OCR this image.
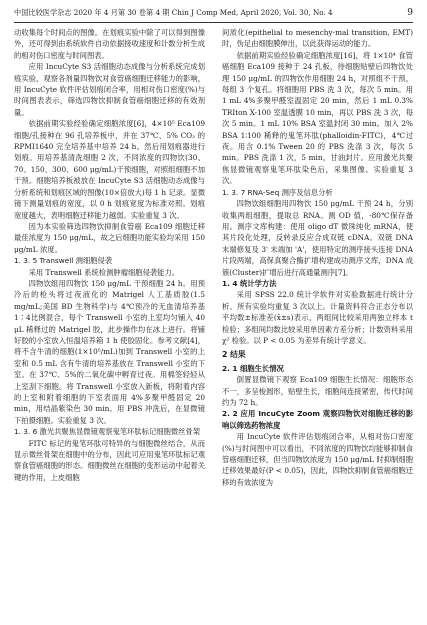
中国比较医学杂志 2020 年 4 月第 30 卷第 4 期 Chin J Comp Med, April 2020, Vol. 30, No. 4	9

动收集每个时间点的图像。在划痕实验中除了可以得到图像外，还可得到由系统软件自动依据接收速度和计数分析生成的相对伤口密度与时间图表。

应用 IncuCyte S3 活细胞动态成像与分析系统完成划痕实验，观察各剂量四物饮对食管癌细胞迁移能力的影响，用 IncuCyte 软件评估划痕闭合率，用相对伤口密度(%)与时间图表表示，筛选四物饮抑制食管癌细胞迁移的有效剂量。

依据前期实验经验确定细胞浓度[6]，4×10⁵ Eca109 细胞/孔接种在 96 孔培养板中，并在 37℃、5% CO₂ 的 RPMI1640 完全培养基中培养 24 h。然后用划痕器进行划痕。用培养基清洗细胞 2 次，不同浓度的四物饮(30、70、150、300、600 μg/mL)干预细胞，对照组细胞不加干预。细胞培养板被放在 IncuCyte S3 活细胞动态成像与分析系统和划痕区域的图像(10×倍放大)每 1 h 记录。显微镜下测量划痕的宽度，以 0 h 划痕宽度为标准对照。划痕宽度越大，表明细胞迁移能力越弱。实验重复 3 次。

因为本实验筛选四物饮抑制食管癌 Eca109 细胞迁移最佳浓度为 150 μg/mL，故之后细胞功能实验均采用 150 μg/mL 浓度。

1. 3. 5 Transwell 测细胞侵袭

采用 Transwell 系统检测肿瘤细胞侵袭能力。

四物饮组用四物饮 150 μg/mL 干预细胞 24 h。用预冷后的枪头将过夜液化的 Matrigel 人工基质胶(1.5 mg/mL;美国 BD 生物科学)与 4℃预冷的无血清培养基 1∶4比例混合，每个 Transwell 小室的上室均匀铺入 40 μL 稀释过的 Matrigel 胶，此步操作均在冰上进行。将铺好胶的小室放入恒温培养箱 1 h 使胶固化。参考文献[4]，将不含牛清的细胞(1×10⁵/mL)加到 Transwell 小室的上室和 0.5 mL 含有牛清的培养基放在 Transwell 小室的下室。在 37℃、5%的二氧化碳中孵育过夜。用棉签轻轻从上室刮下细胞。将 Transwell 小室放入新板，将附着内容的上室和附着细胞的下室表面用 4%多聚甲醛固定 20 min，用结晶紫染色 30 min。用 PBS 冲洗后，在显微镜下拍摄细胞。实验重复 3 次。

1. 3. 6 激光共聚焦显微镜观察鬼笔环肽标记细胞微丝骨架

FITC 标记的鬼笔环肽可特异的与细胞微丝结合，从而显示微丝骨架在细胞中的分布，因此可应用鬼笔环肽标记观察食管癌细胞的形态。细胞微丝在细胞的变形运动中起着关键的作用，上皮细胞

间质化(epithelial to mesenchy-mal transition, EMT)时，伪足由细胞膜伸出，以此获得运动的能力。

依据前期实验经验确定细胞浓度[16]，将 1×10⁴ 食管癌细胞 Eca109 接种于 24 孔板，待细胞贴壁后四物饮处理 150 μg/mL 的四物饮作用细胞 24 h，对照组不干预，每组 3 个复孔。将细胞用 PBS 洗 3 次，每次 5 min。用 1 mL 4%多聚甲醛室温固定 20 min，然后 1 mL 0.3% TRIton X-100 室温透膜 10 min，再以 PBS 洗 3 次，每次 5 min。1 mL 10% BSA 室温封闭 30 min。加入 2% BSA 1∶100 稀释的鬼笔环肽(phalloidin-FITC)，4℃过夜。用含 0.1% Tween 20 的 PBS 洗涤 3 次，每次 5 min。PBS 洗涤 1 次，5 min，甘油封片。应用激光共聚焦显微镜观察鬼笔环肽染色后，采集图像。实验重复 3 次。

1. 3. 7 RNA-Seq 测序及信息分析

四物饮组细胞用四物饮 150 μg/mL 干预 24 h，分别收集两组细胞，提取总 RNA。测 OD 值，-80℃保存备用。测序文库构建：使用 oligo dT 微珠纯化 mRNA，使其片段化处理，反转录反应合成双链 cDNA。双链 DNA 末端修复及 3' 末端加 'A'，使用特定的测序接头连接 DNA 片段两端，高保真聚合酶扩增构建成功测序文库，DNA 成簇(Cluster)扩增后进行高通量测序[7]。

1. 4 统计学方法

采用 SPSS 22.0 统计学软件对实验数据进行统计分析。所有实验均重复 3 次以上。计量资料符合正态分布以平均数±标准差(x̄±s)表示，两组间比较采用两独立样本 t 检验；多组间均数比较采用单因素方差分析；计数资料采用 χ² 检验。以 P < 0.05 为差异有统计学意义。

2 结果
2. 1 细胞生长情况

倒置显微镜下观察 Eca109 细胞生长情况：细胞形态不一，多呈梭圆形，贴壁生长，细胞间连接紧密，传代时间约为 72 h。

2. 2 应用 IncuCyte Zoom 观察四物饮对细胞迁移的影响以筛选药物浓度

用 IncuCyte 软件评估划痕闭合率，从相对伤口密度(%)与时间图中可以看出，不同浓度的四物饮均能够抑制食管癌细胞迁移，但当四物饮浓度为 150 μg/mL 时抑制细胞迁移效果最好(P < 0.05)，因此，四物饮抑制食管癌细胞迁移的有效浓度为
